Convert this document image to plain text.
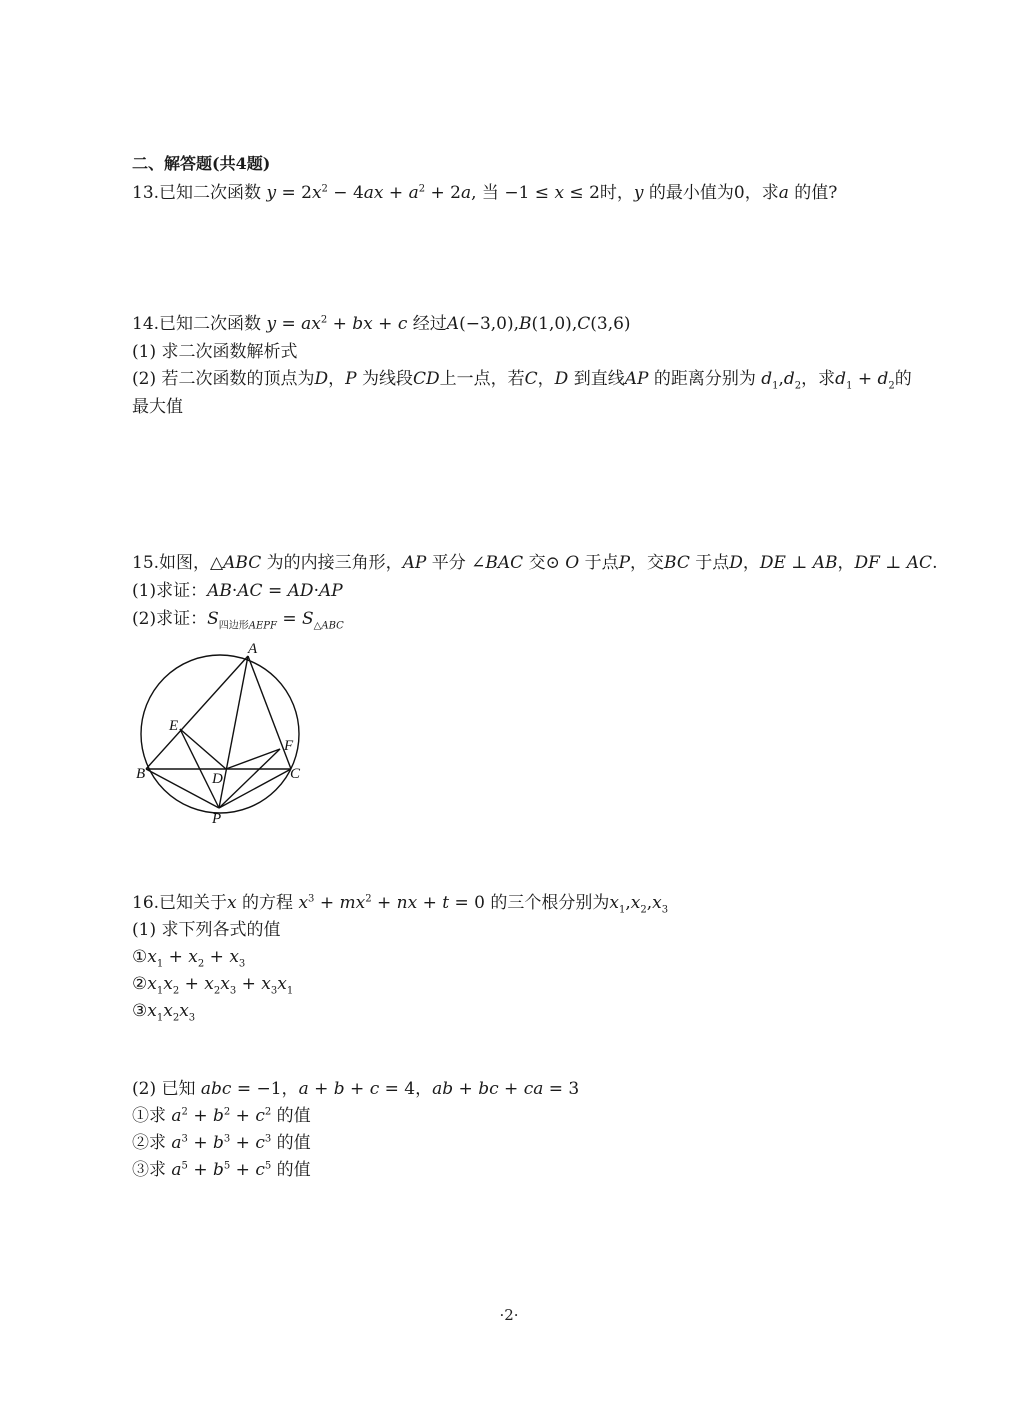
二、解答题(共4题)
13.已知二次函数 $y = 2x^2 - 4ax + a^2 + 2a$, 当 −1 ≤ x ≤ 2时，y 的最小值为0，求a 的值?
14.已知二次函数 $y = ax^2$ + bx + c 经过A(−3,0),B(1,0),C(3,6)
(1) 求二次函数解析式
(2) 若二次函数的顶点为D，P 为线段CD上一点，若C，D 到直线AP 的距离分别为 $d_1,d_2$，求$d_1 + d_2$的
最大值
15.如图，△ABC 为的内接三角形，AP 平分 ∠BAC 交⊙ O 于点P，交BC 于点D，DE ⊥ AB，DF ⊥ AC.
(1)求证：AB·AC = AD·AP
(2)求证：$S_{四边形AEPF} = S_{\triangle ABC}$
A
B	C
D
E
F
P
16.已知关于x 的方程 $x^3 + mx^2$ + nx + t = 0 的三个根分别为$x_1,x_2,x_3$
(1) 求下列各式的值
$①x_1 + x_2 + x_3$
$②x_1x_2 + x_2x_3 + x_3x_1$
$③x_1x_2x_3$
(2) 已知 abc = −1，a + b + c = 4，ab + bc + ca = 3
①求 $a^2 + b^2 + c^2$ 的值
②求 $a^3 + b^3 + c^3$ 的值
③求 $a^5 + b^5 + c^5$ 的值
·2·
